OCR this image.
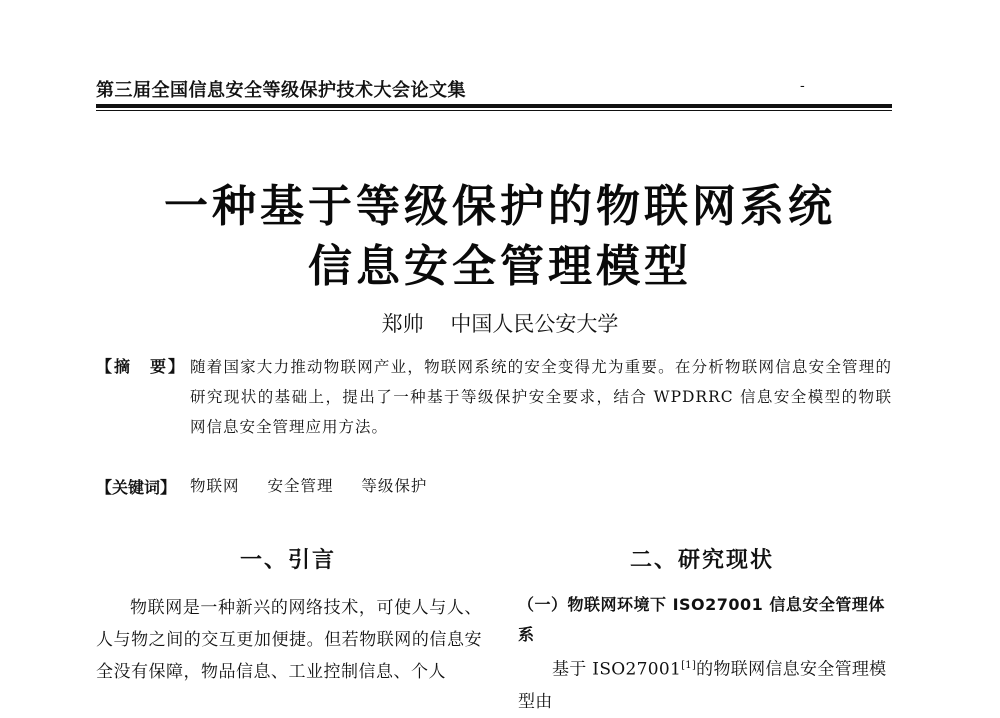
第三届全国信息安全等级保护技术大会论文集	-
一种基于等级保护的物联网系统
信息安全管理模型
郑帅 中国人民公安大学
【摘　要】 随着国家大力推动物联网产业，物联网系统的安全变得尤为重要。在分析物联网信息安全管理的研究现状的基础上，提出了一种基于等级保护安全要求，结合 WPDRRC 信息安全模型的物联网信息安全管理应用方法。
【关键词】 物联网 安全管理 等级保护
一、引言	二、研究现状

物联网是一种新兴的网络技术，可使人与人、人与物之间的交互更加便捷。但若物联网的信息安全没有保障，物品信息、工业控制信息、个人

（一）物联网环境下 ISO27001 信息安全管理体系
基于 ISO27001[1]的物联网信息安全管理模型由
